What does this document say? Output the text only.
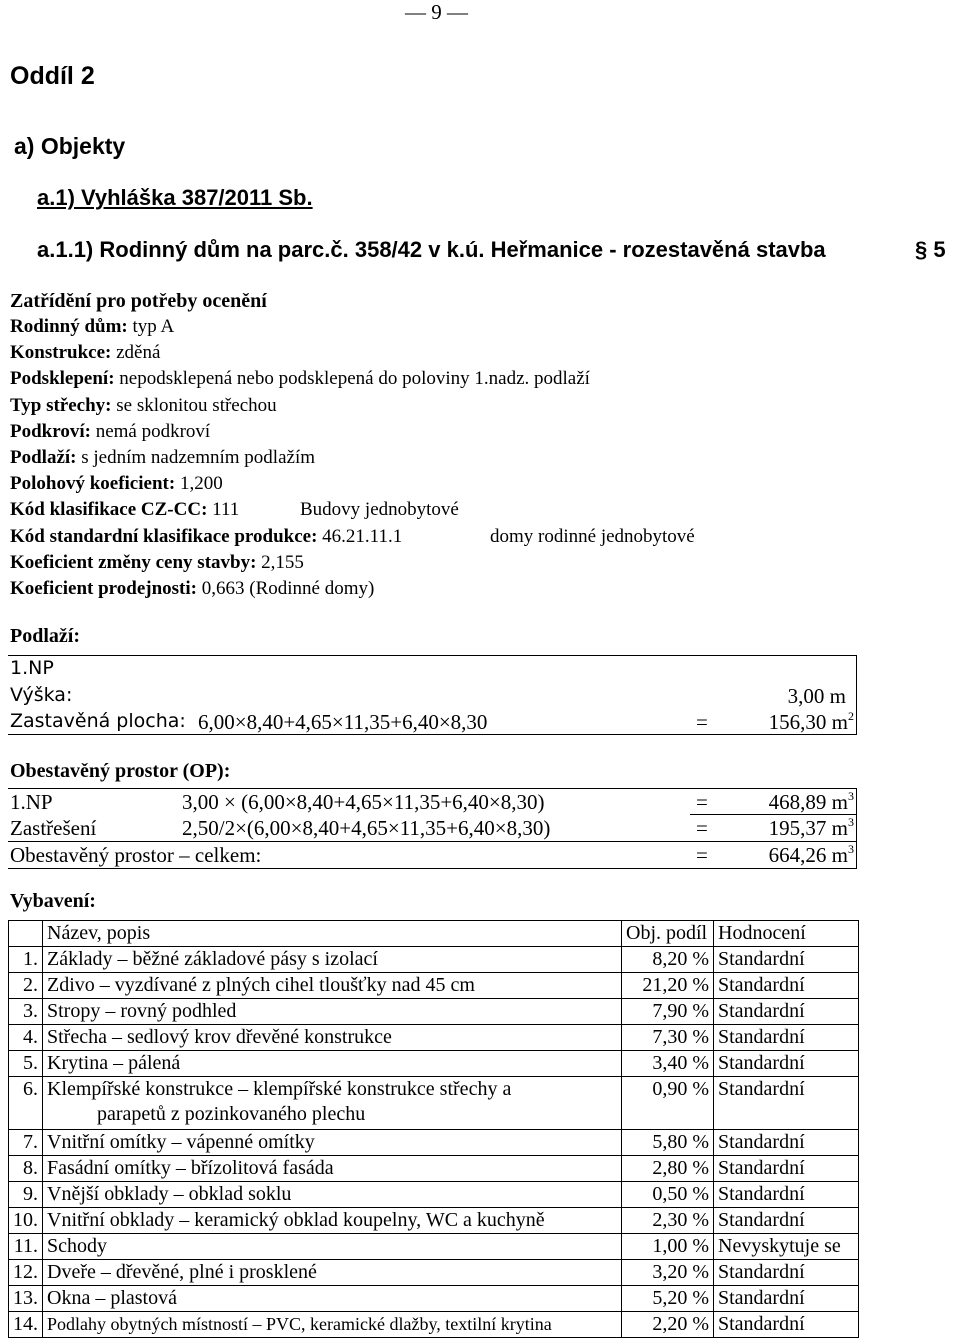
— 9 —
Oddíl 2
a) Objekty
a.1) Vyhláška 387/2011 Sb.
a.1.1) Rodinný dům na parc.č. 358/42 v k.ú. Heřmanice - rozestavěná stavba	§ 5
Zatřídění pro potřeby ocenění
Rodinný dům: typ A
Konstrukce: zděná
Podsklepení: nepodsklepená nebo podsklepená do poloviny 1.nadz. podlaží
Typ střechy: se sklonitou střechou
Podkroví: nemá podkroví
Podlaží: s jedním nadzemním podlažím
Polohový koeficient: 1,200
Kód klasifikace CZ-CC: 111	Budovy jednobytové
Kód standardní klasifikace produkce: 46.21.11.1	domy rodinné jednobytové
Koeficient změny ceny stavby: 2,155
Koeficient prodejnosti: 0,663 (Rodinné domy)
Podlaží:
1.NP
Výška:	3,00 m
Zastavěná plocha: 6,00×8,40+4,65×11,35+6,40×8,30	=	156,30 $m^2$
Obestavěný prostor (OP):
1.NP	3,00 × (6,00×8,40+4,65×11,35+6,40×8,30)	=	468,89 $m^3$
Zastřešení	2,50/2×(6,00×8,40+4,65×11,35+6,40×8,30)	=	195,37 $m^3$
Obestavěný prostor – celkem:	=	664,26 $m^3$
Vybavení:
	Název, popis	Obj. podíl	Hodnocení
1.	Základy – běžné základové pásy s izolací	8,20 %	Standardní
2.	Zdivo – vyzdívané z plných cihel tloušťky nad 45 cm	21,20 %	Standardní
3.	Stropy – rovný podhled	7,90 %	Standardní
4.	Střecha – sedlový krov dřevěné konstrukce	7,30 %	Standardní
5.	Krytina – pálená	3,40 %	Standardní
6.	Klempířské konstrukce – klempířské konstrukce střechy a
parapetů z pozinkovaného plechu	0,90 %	Standardní
7.	Vnitřní omítky – vápenné omítky	5,80 %	Standardní
8.	Fasádní omítky – břízolitová fasáda	2,80 %	Standardní
9.	Vnější obklady – obklad soklu	0,50 %	Standardní
10.	Vnitřní obklady – keramický obklad koupelny, WC a kuchyně	2,30 %	Standardní
11.	Schody	1,00 %	Nevyskytuje se
12.	Dveře – dřevěné, plné i prosklené	3,20 %	Standardní
13.	Okna – plastová	5,20 %	Standardní
14.	Podlahy obytných místností – PVC, keramické dlažby, textilní krytina	2,20 %	Standardní
